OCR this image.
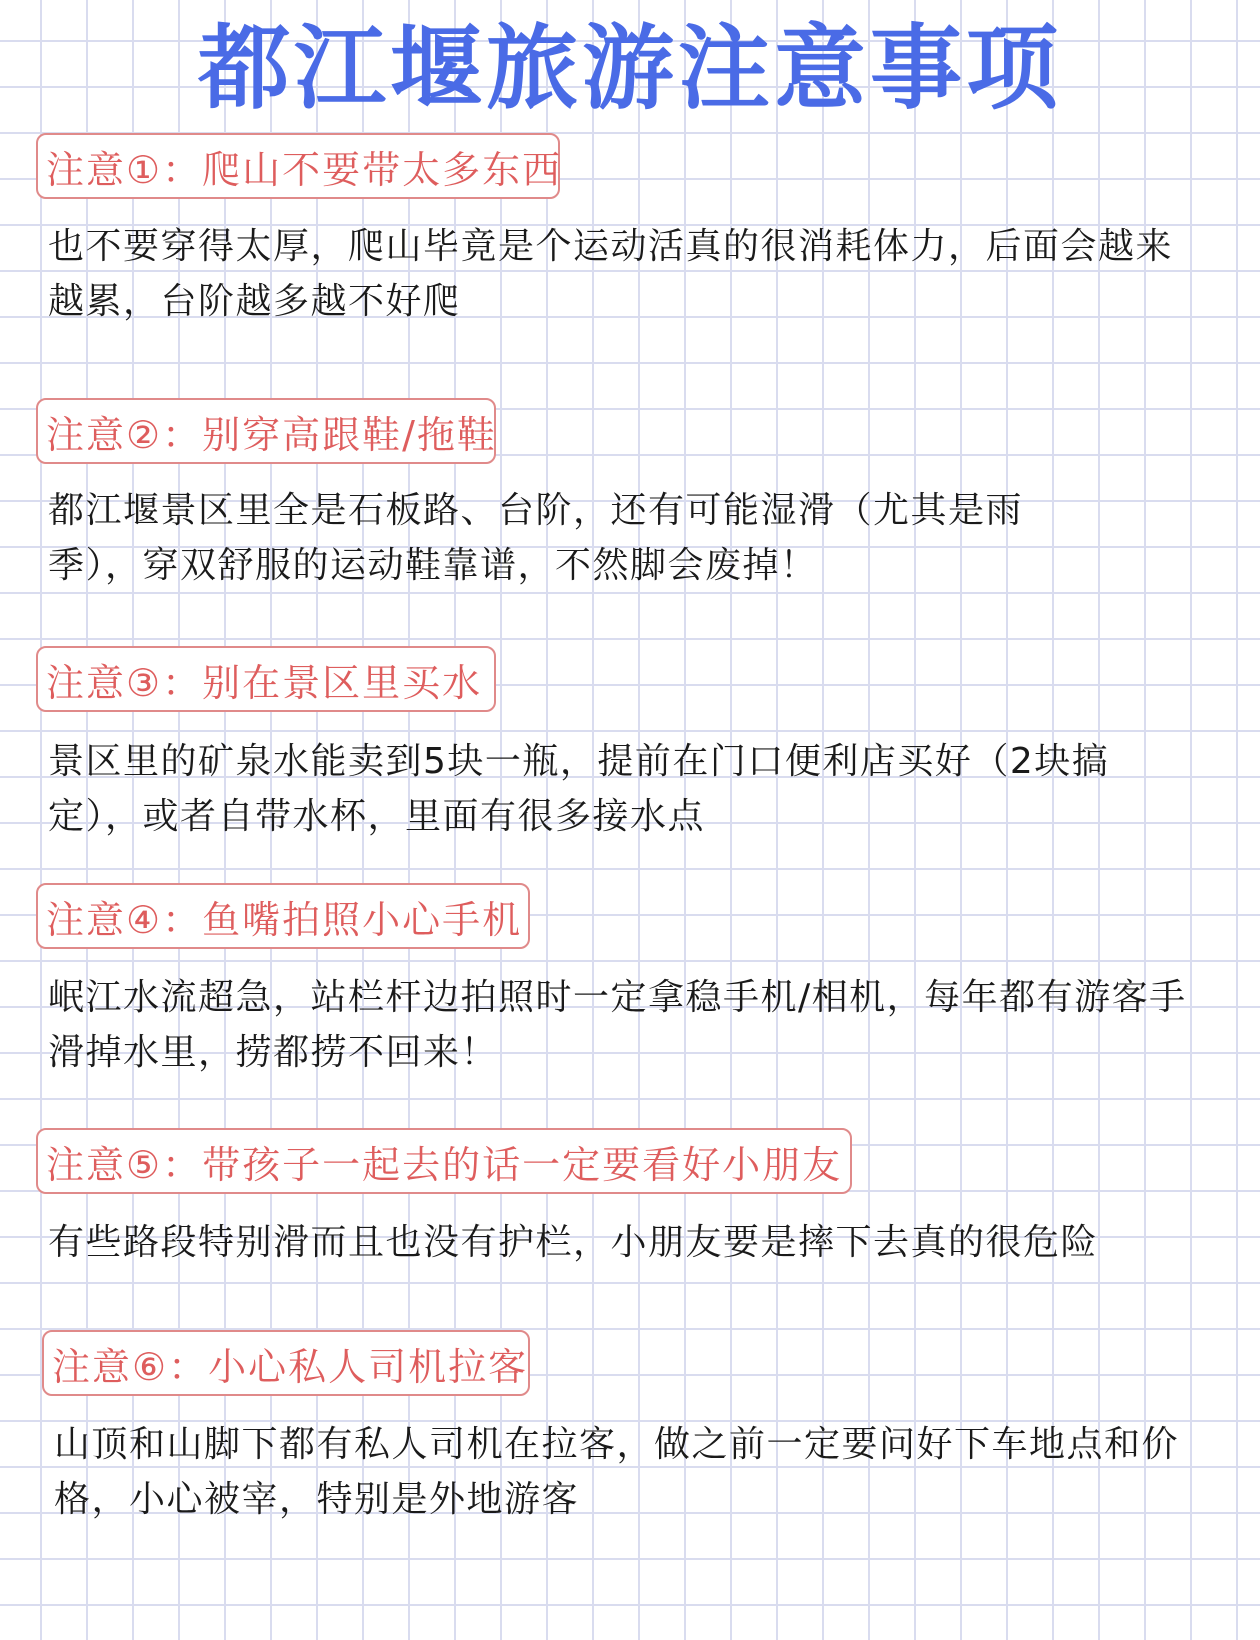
都江堰旅游注意事项
注意①：爬山不要带太多东西

也不要穿得太厚，爬山毕竟是个运动活真的很消耗体力，后面会越来越累，台阶越多越不好爬

注意②：别穿高跟鞋/拖鞋

都江堰景区里全是石板路、台阶，还有可能湿滑（尤其是雨季），穿双舒服的运动鞋靠谱，不然脚会废掉！

注意③：别在景区里买水

景区里的矿泉水能卖到5块一瓶，提前在门口便利店买好（2块搞定），或者自带水杯，里面有很多接水点

注意④：鱼嘴拍照小心手机

岷江水流超急，站栏杆边拍照时一定拿稳手机/相机，每年都有游客手滑掉水里，捞都捞不回来！

注意⑤：带孩子一起去的话一定要看好小朋友

有些路段特别滑而且也没有护栏，小朋友要是摔下去真的很危险

注意⑥：小心私人司机拉客

山顶和山脚下都有私人司机在拉客，做之前一定要问好下车地点和价格，小心被宰，特别是外地游客
